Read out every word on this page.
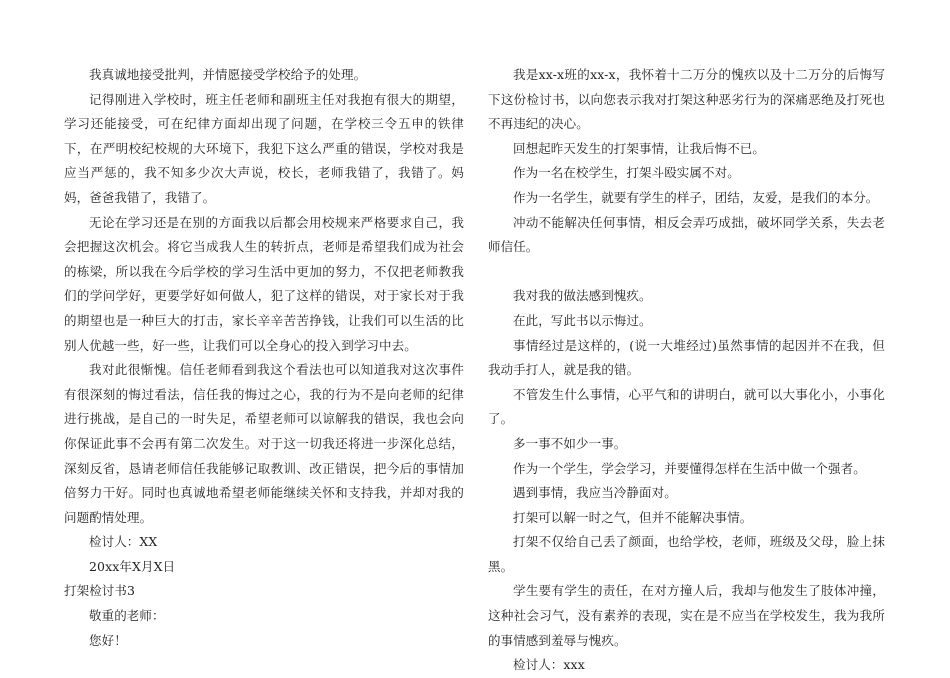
我真诚地接受批判，并情愿接受学校给予的处理。

记得刚进入学校时，班主任老师和副班主任对我抱有很大的期望，学习还能接受，可在纪律方面却出现了问题，在学校三令五申的铁律下，在严明校纪校规的大环境下，我犯下这么严重的错误，学校对我是应当严惩的，我不知多少次大声说，校长，老师我错了，我错了。妈妈，爸爸我错了，我错了。

无论在学习还是在别的方面我以后都会用校规来严格要求自己，我会把握这次机会。将它当成我人生的转折点，老师是希望我们成为社会的栋梁，所以我在今后学校的学习生活中更加的努力，不仅把老师教我们的学问学好，更要学好如何做人，犯了这样的错误，对于家长对于我的期望也是一种巨大的打击，家长辛辛苦苦挣钱，让我们可以生活的比别人优越一些，好一些，让我们可以全身心的投入到学习中去。

我对此很惭愧。信任老师看到我这个看法也可以知道我对这次事件有很深刻的悔过看法，信任我的悔过之心，我的行为不是向老师的纪律进行挑战，是自己的一时失足，希望老师可以谅解我的错误，我也会向你保证此事不会再有第二次发生。对于这一切我还将进一步深化总结，深刻反省，恳请老师信任我能够记取教训、改正错误，把今后的事情加倍努力干好。同时也真诚地希望老师能继续关怀和支持我，并却对我的问题酌情处理。

检讨人：XX

20xx年X月X日

打架检讨书3

敬重的老师：

您好！

我是xx-x班的xx-x，我怀着十二万分的愧疚以及十二万分的后悔写下这份检讨书，以向您表示我对打架这种恶劣行为的深痛恶绝及打死也不再违纪的决心。

回想起昨天发生的打架事情，让我后悔不已。

作为一名在校学生，打架斗殴实属不对。

作为一名学生，就要有学生的样子，团结，友爱，是我们的本分。

冲动不能解决任何事情，相反会弄巧成拙，破坏同学关系，失去老师信任。

我对我的做法感到愧疚。

在此，写此书以示悔过。

事情经过是这样的，(说一大堆经过)虽然事情的起因并不在我，但我动手打人，就是我的错。

不管发生什么事情，心平气和的讲明白，就可以大事化小，小事化了。

多一事不如少一事。

作为一个学生，学会学习，并要懂得怎样在生活中做一个强者。

遇到事情，我应当冷静面对。

打架可以解一时之气，但并不能解决事情。

打架不仅给自己丢了颜面，也给学校，老师，班级及父母，脸上抹黑。

学生要有学生的责任，在对方撞人后，我却与他发生了肢体冲撞，这种社会习气，没有素养的表现，实在是不应当在学校发生，我为我所的事情感到羞辱与愧疚。

检讨人：xxx
